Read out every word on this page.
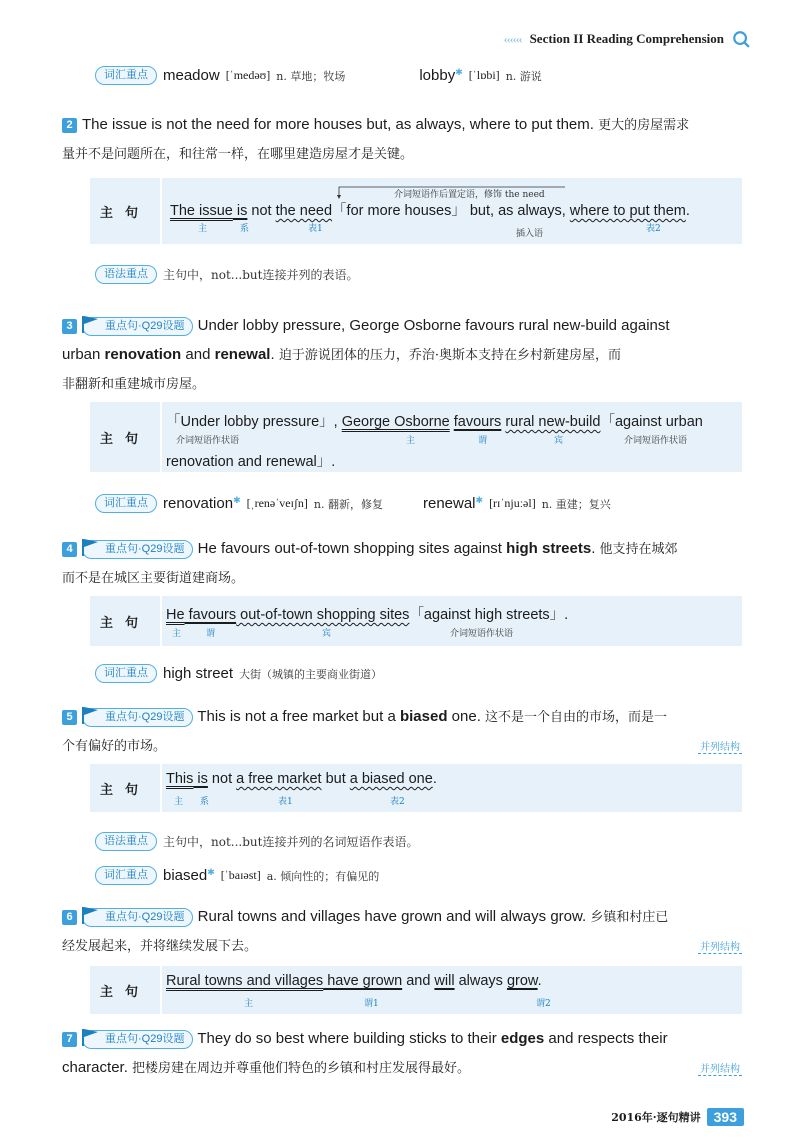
‹‹‹‹‹‹ Section II Reading Comprehension
词汇重点	meadow [ˈmedəʊ] n. 草地；牧场	lobby✱ [ˈlɒbi] n. 游说
2 The issue is not the need for more houses but, as always, where to put them. 更大的房屋需求
量并不是问题所在，和往常一样，在哪里建造房屋才是关键。
主句
介词短语作后置定语，修饰 the need
The issue is not the need「for more houses」 but, as always, where to put them.
主	系	表1	插入语	表2
语法重点	主句中，not...but连接并列的表语。
3	重点句·Q29设题 Under lobby pressure, George Osborne favours rural new-build against
urban renovation and renewal. 迫于游说团体的压力，乔治·奥斯本支持在乡村新建房屋，而
非翻新和重建城市房屋。
主句
「Under lobby pressure」, George Osborne favours rural new-build「against urban
介词短语作状语	主	谓	宾	介词短语作状语
renovation and renewal」.
词汇重点	renovation✱ [ˌrenəˈveɪʃn] n. 翻新，修复	renewal✱ [rɪˈnjuːəl] n. 重建；复兴
4	重点句·Q29设题 He favours out-of-town shopping sites against high streets. 他支持在城郊
而不是在城区主要街道建商场。
主句	He favours out-of-town shopping sites「against high streets」.
主	谓	宾	介词短语作状语
词汇重点	high street 大街（城镇的主要商业街道）
5	重点句·Q29设题 This is not a free market but a biased one. 这不是一个自由的市场，而是一
个有偏好的市场。	并列结构
主句
This is not a free market but a biased one.
主 系	表1	表2
语法重点	主句中，not...but连接并列的名词短语作表语。
词汇重点	biased✱ [ˈbaɪəst] a. 倾向性的；有偏见的
6	重点句·Q29设题 Rural towns and villages have grown and will always grow. 乡镇和村庄已
经发展起来，并将继续发展下去。	并列结构
主句
Rural towns and villages have grown and will always grow.
主	谓1	谓2
7	重点句·Q29设题 They do so best where building sticks to their edges and respects their
character. 把楼房建在周边并尊重他们特色的乡镇和村庄发展得最好。	并列结构
2016年·逐句精讲 393
